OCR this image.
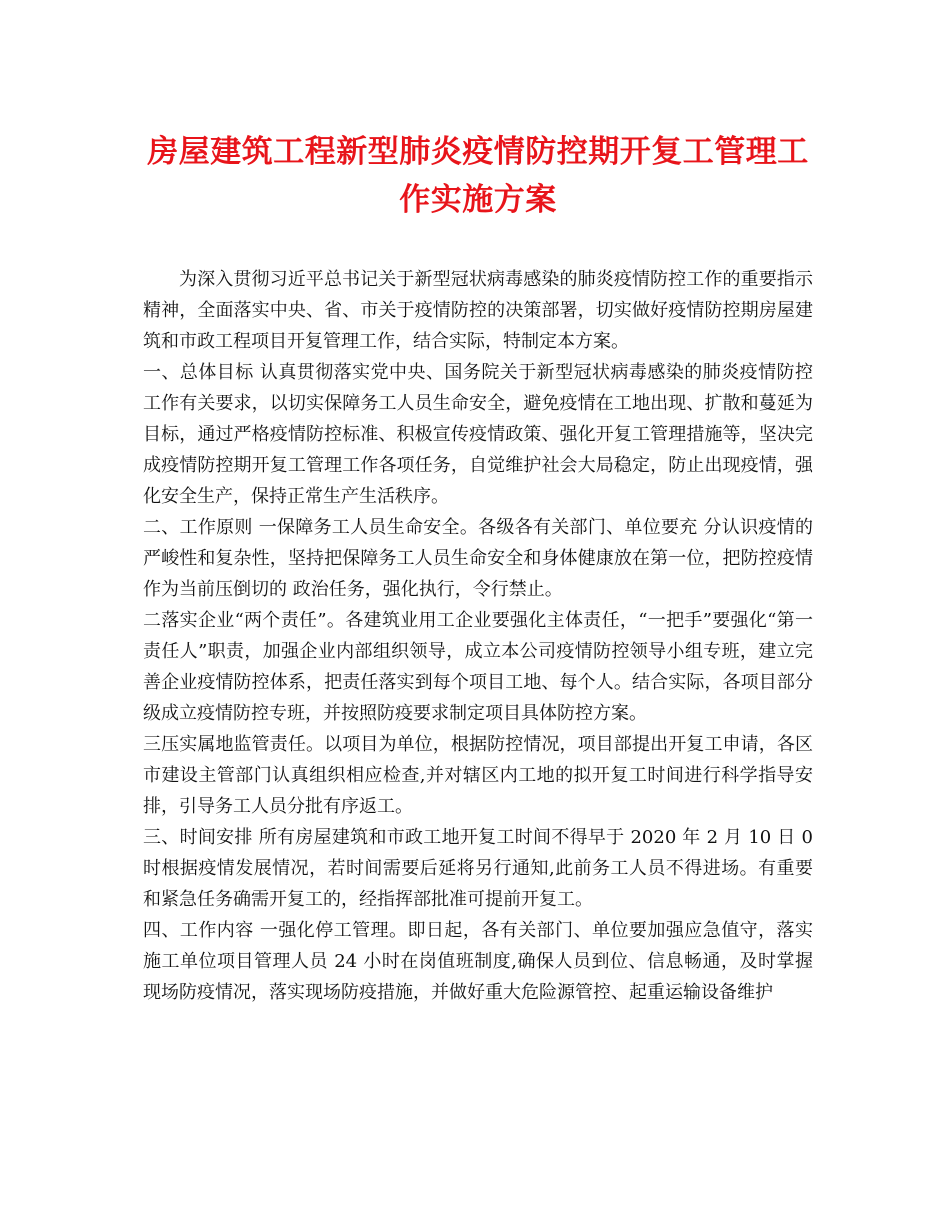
房屋建筑工程新型肺炎疫情防控期开复工管理工作实施方案

为深入贯彻习近平总书记关于新型冠状病毒感染的肺炎疫情防控工作的重要指示精神，全面落实中央、省、市关于疫情防控的决策部署，切实做好疫情防控期房屋建筑和市政工程项目开复管理工作，结合实际，特制定本方案。

一、总体目标 认真贯彻落实党中央、国务院关于新型冠状病毒感染的肺炎疫情防控工作有关要求，以切实保障务工人员生命安全，避免疫情在工地出现、扩散和蔓延为目标，通过严格疫情防控标准、积极宣传疫情政策、强化开复工管理措施等，坚决完成疫情防控期开复工管理工作各项任务，自觉维护社会大局稳定，防止出现疫情，强化安全生产，保持正常生产生活秩序。

二、工作原则 一保障务工人员生命安全。各级各有关部门、单位要充 分认识疫情的严峻性和复杂性，坚持把保障务工人员生命安全和身体健康放在第一位，把防控疫情作为当前压倒切的 政治任务，强化执行，令行禁止。

二落实企业“两个责任”。各建筑业用工企业要强化主体责任，“一把手”要强化“第一责任人”职责，加强企业内部组织领导，成立本公司疫情防控领导小组专班，建立完善企业疫情防控体系，把责任落实到每个项目工地、每个人。结合实际，各项目部分级成立疫情防控专班，并按照防疫要求制定项目具体防控方案。

三压实属地监管责任。以项目为单位，根据防控情况，项目部提出开复工申请，各区市建设主管部门认真组织相应检查,并对辖区内工地的拟开复工时间进行科学指导安排，引导务工人员分批有序返工。

三、时间安排 所有房屋建筑和市政工地开复工时间不得早于 2020 年 2 月 10 日 0 时根据疫情发展情况，若时间需要后延将另行通知,此前务工人员不得进场。有重要和紧急任务确需开复工的，经指挥部批准可提前开复工。

四、工作内容 一强化停工管理。即日起，各有关部门、单位要加强应急值守，落实施工单位项目管理人员 24 小时在岗值班制度,确保人员到位、信息畅通，及时掌握现场防疫情况，落实现场防疫措施，并做好重大危险源管控、起重运输设备维护
